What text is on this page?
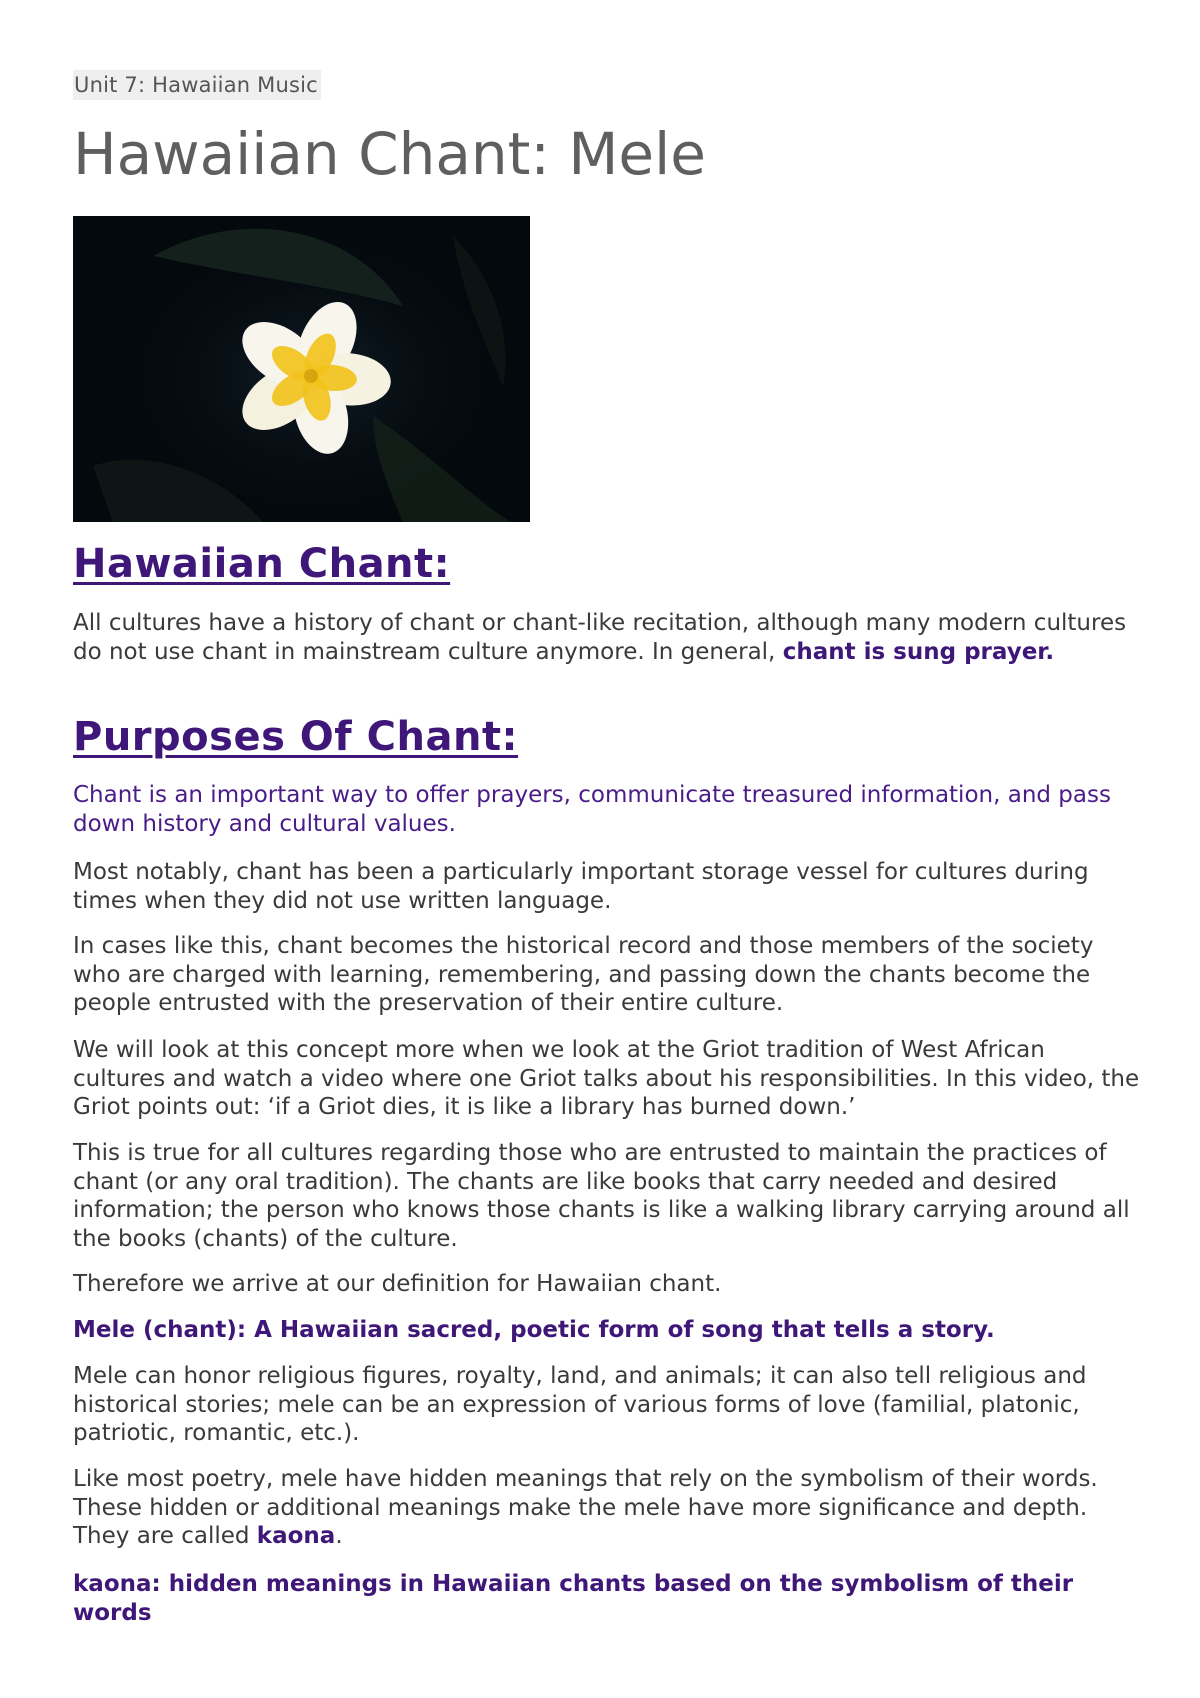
Unit 7: Hawaiian Music
Hawaiian Chant: Mele
Hawaiian Chant:

All cultures have a history of chant or chant-like recitation, although many modern cultures do not use chant in mainstream culture anymore. In general, chant is sung prayer.

Purposes Of Chant:

Chant is an important way to offer prayers, communicate treasured information, and pass down history and cultural values.

Most notably, chant has been a particularly important storage vessel for cultures during times when they did not use written language.

In cases like this, chant becomes the historical record and those members of the society who are charged with learning, remembering, and passing down the chants become the people entrusted with the preservation of their entire culture.

We will look at this concept more when we look at the Griot tradition of West African cultures and watch a video where one Griot talks about his responsibilities. In this video, the Griot points out: ‘if a Griot dies, it is like a library has burned down.’

This is true for all cultures regarding those who are entrusted to maintain the practices of chant (or any oral tradition). The chants are like books that carry needed and desired information; the person who knows those chants is like a walking library carrying around all the books (chants) of the culture.

Therefore we arrive at our definition for Hawaiian chant.

Mele (chant): A Hawaiian sacred, poetic form of song that tells a story.

Mele can honor religious figures, royalty, land, and animals; it can also tell religious and historical stories; mele can be an expression of various forms of love (familial, platonic, patriotic, romantic, etc.).

Like most poetry, mele have hidden meanings that rely on the symbolism of their words. These hidden or additional meanings make the mele have more significance and depth. They are called kaona.

kaona: hidden meanings in Hawaiian chants based on the symbolism of their words
